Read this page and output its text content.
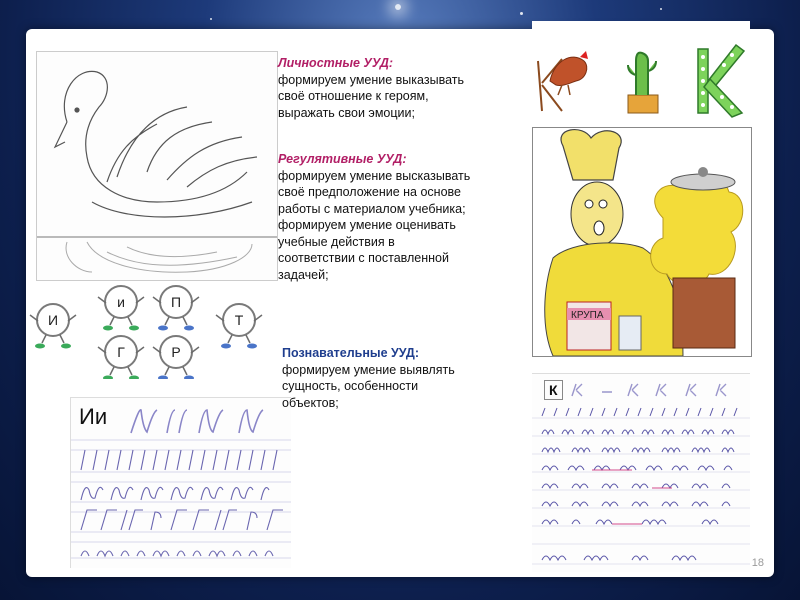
И
и	П
Т
Г	Р
Ии
КРУПА
К

Личностные УУД:

формируем умение выказывать

своё отношение к героям,

выражать свои эмоции;

Регулятивные УУД:

формируем умение высказывать

своё предположение на основе

работы с материалом учебника;

формируем умение оценивать

учебные действия в

соответствии с поставленной

задачей;

Познавательные УУД:

формируем умение выявлять

сущность, особенности

объектов;

18
